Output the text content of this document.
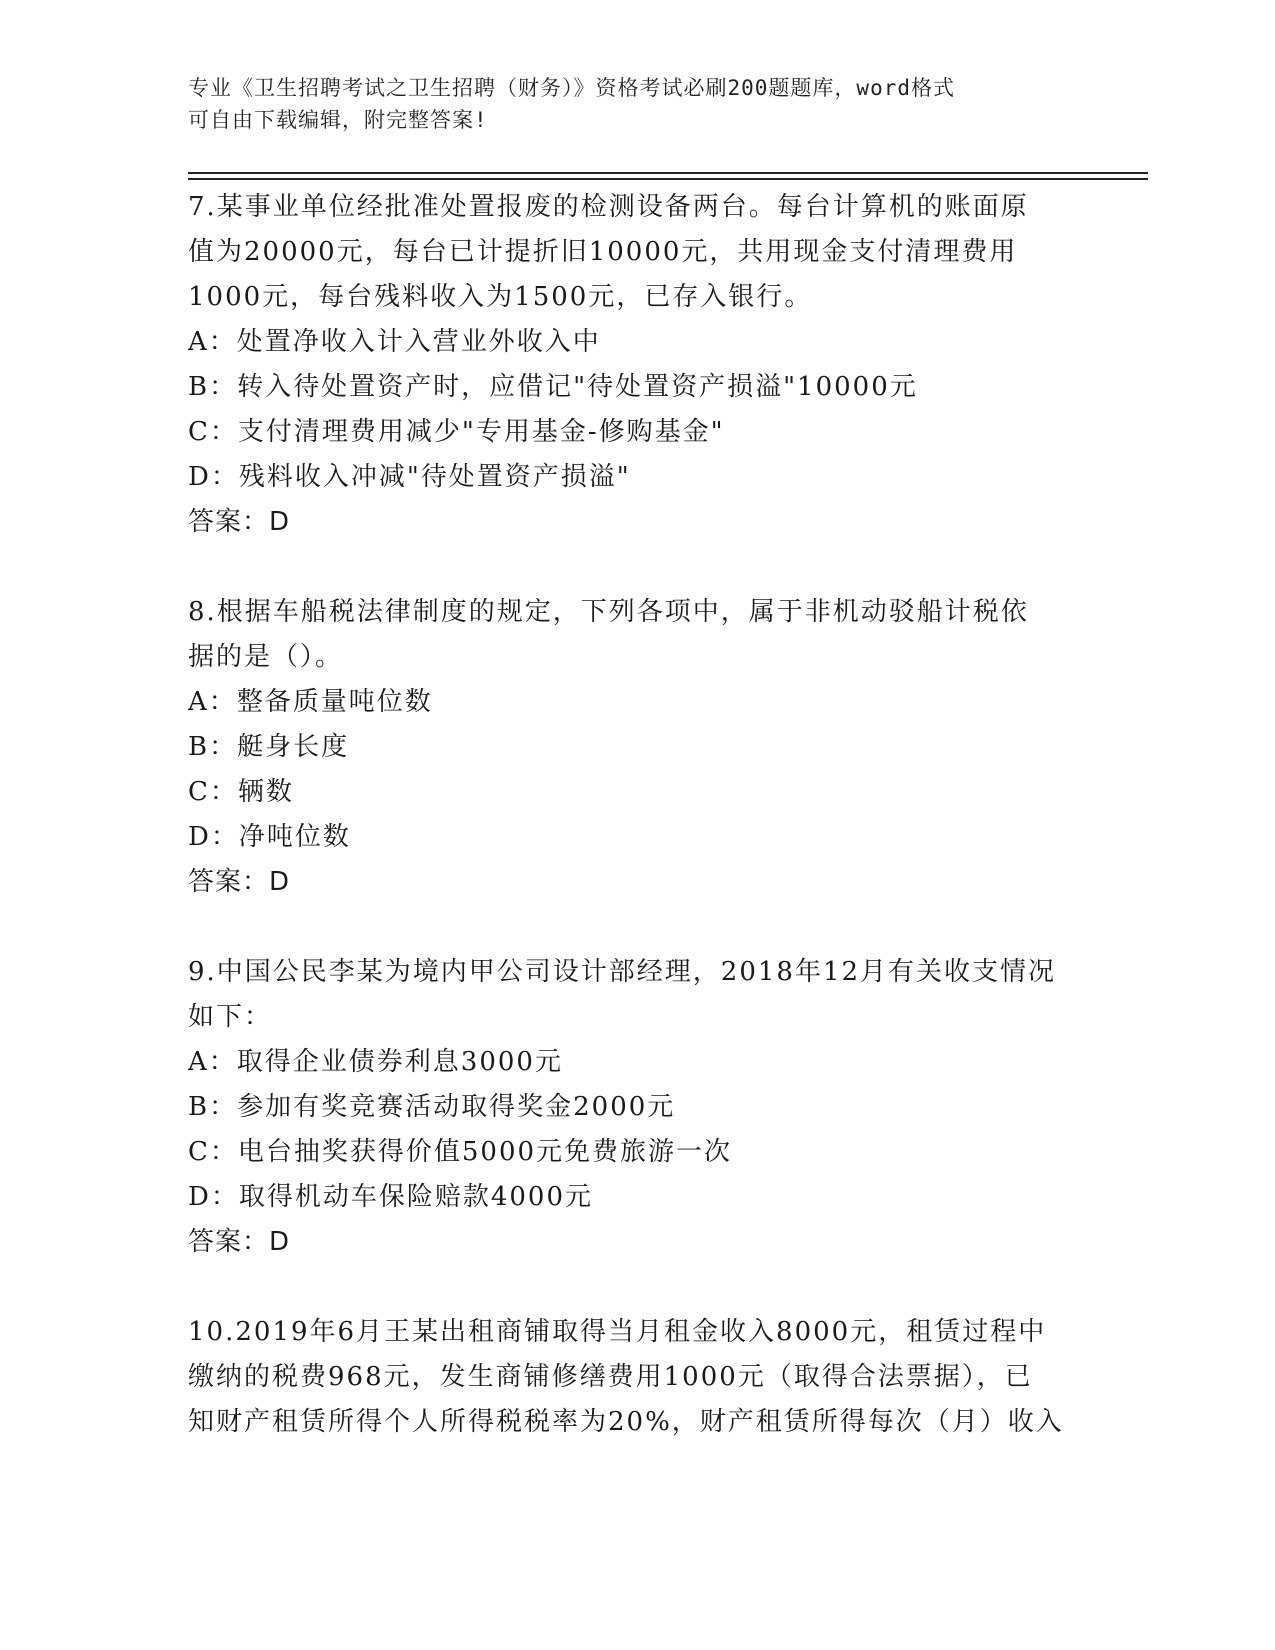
专业《卫生招聘考试之卫生招聘（财务）》资格考试必刷200题题库，word格式
可自由下载编辑，附完整答案!
7.某事业单位经批准处置报废的检测设备两台。每台计算机的账面原
值为20000元，每台已计提折旧10000元，共用现金支付清理费用
1000元，每台残料收入为1500元，已存入银行。
A：处置净收入计入营业外收入中
B：转入待处置资产时，应借记"待处置资产损溢"10000元
C：支付清理费用减少"专用基金-修购基金"
D：残料收入冲减"待处置资产损溢"
答案：D
8.根据车船税法律制度的规定，下列各项中，属于非机动驳船计税依
据的是（）。
A：整备质量吨位数
B：艇身长度
C：辆数
D：净吨位数
答案：D
9.中国公民李某为境内甲公司设计部经理，2018年12月有关收支情况
如下：
A：取得企业债券利息3000元
B：参加有奖竞赛活动取得奖金2000元
C：电台抽奖获得价值5000元免费旅游一次
D：取得机动车保险赔款4000元
答案：D
10.2019年6月王某出租商铺取得当月租金收入8000元，租赁过程中
缴纳的税费968元，发生商铺修缮费用1000元（取得合法票据），已
知财产租赁所得个人所得税税率为20%，财产租赁所得每次（月）收入
